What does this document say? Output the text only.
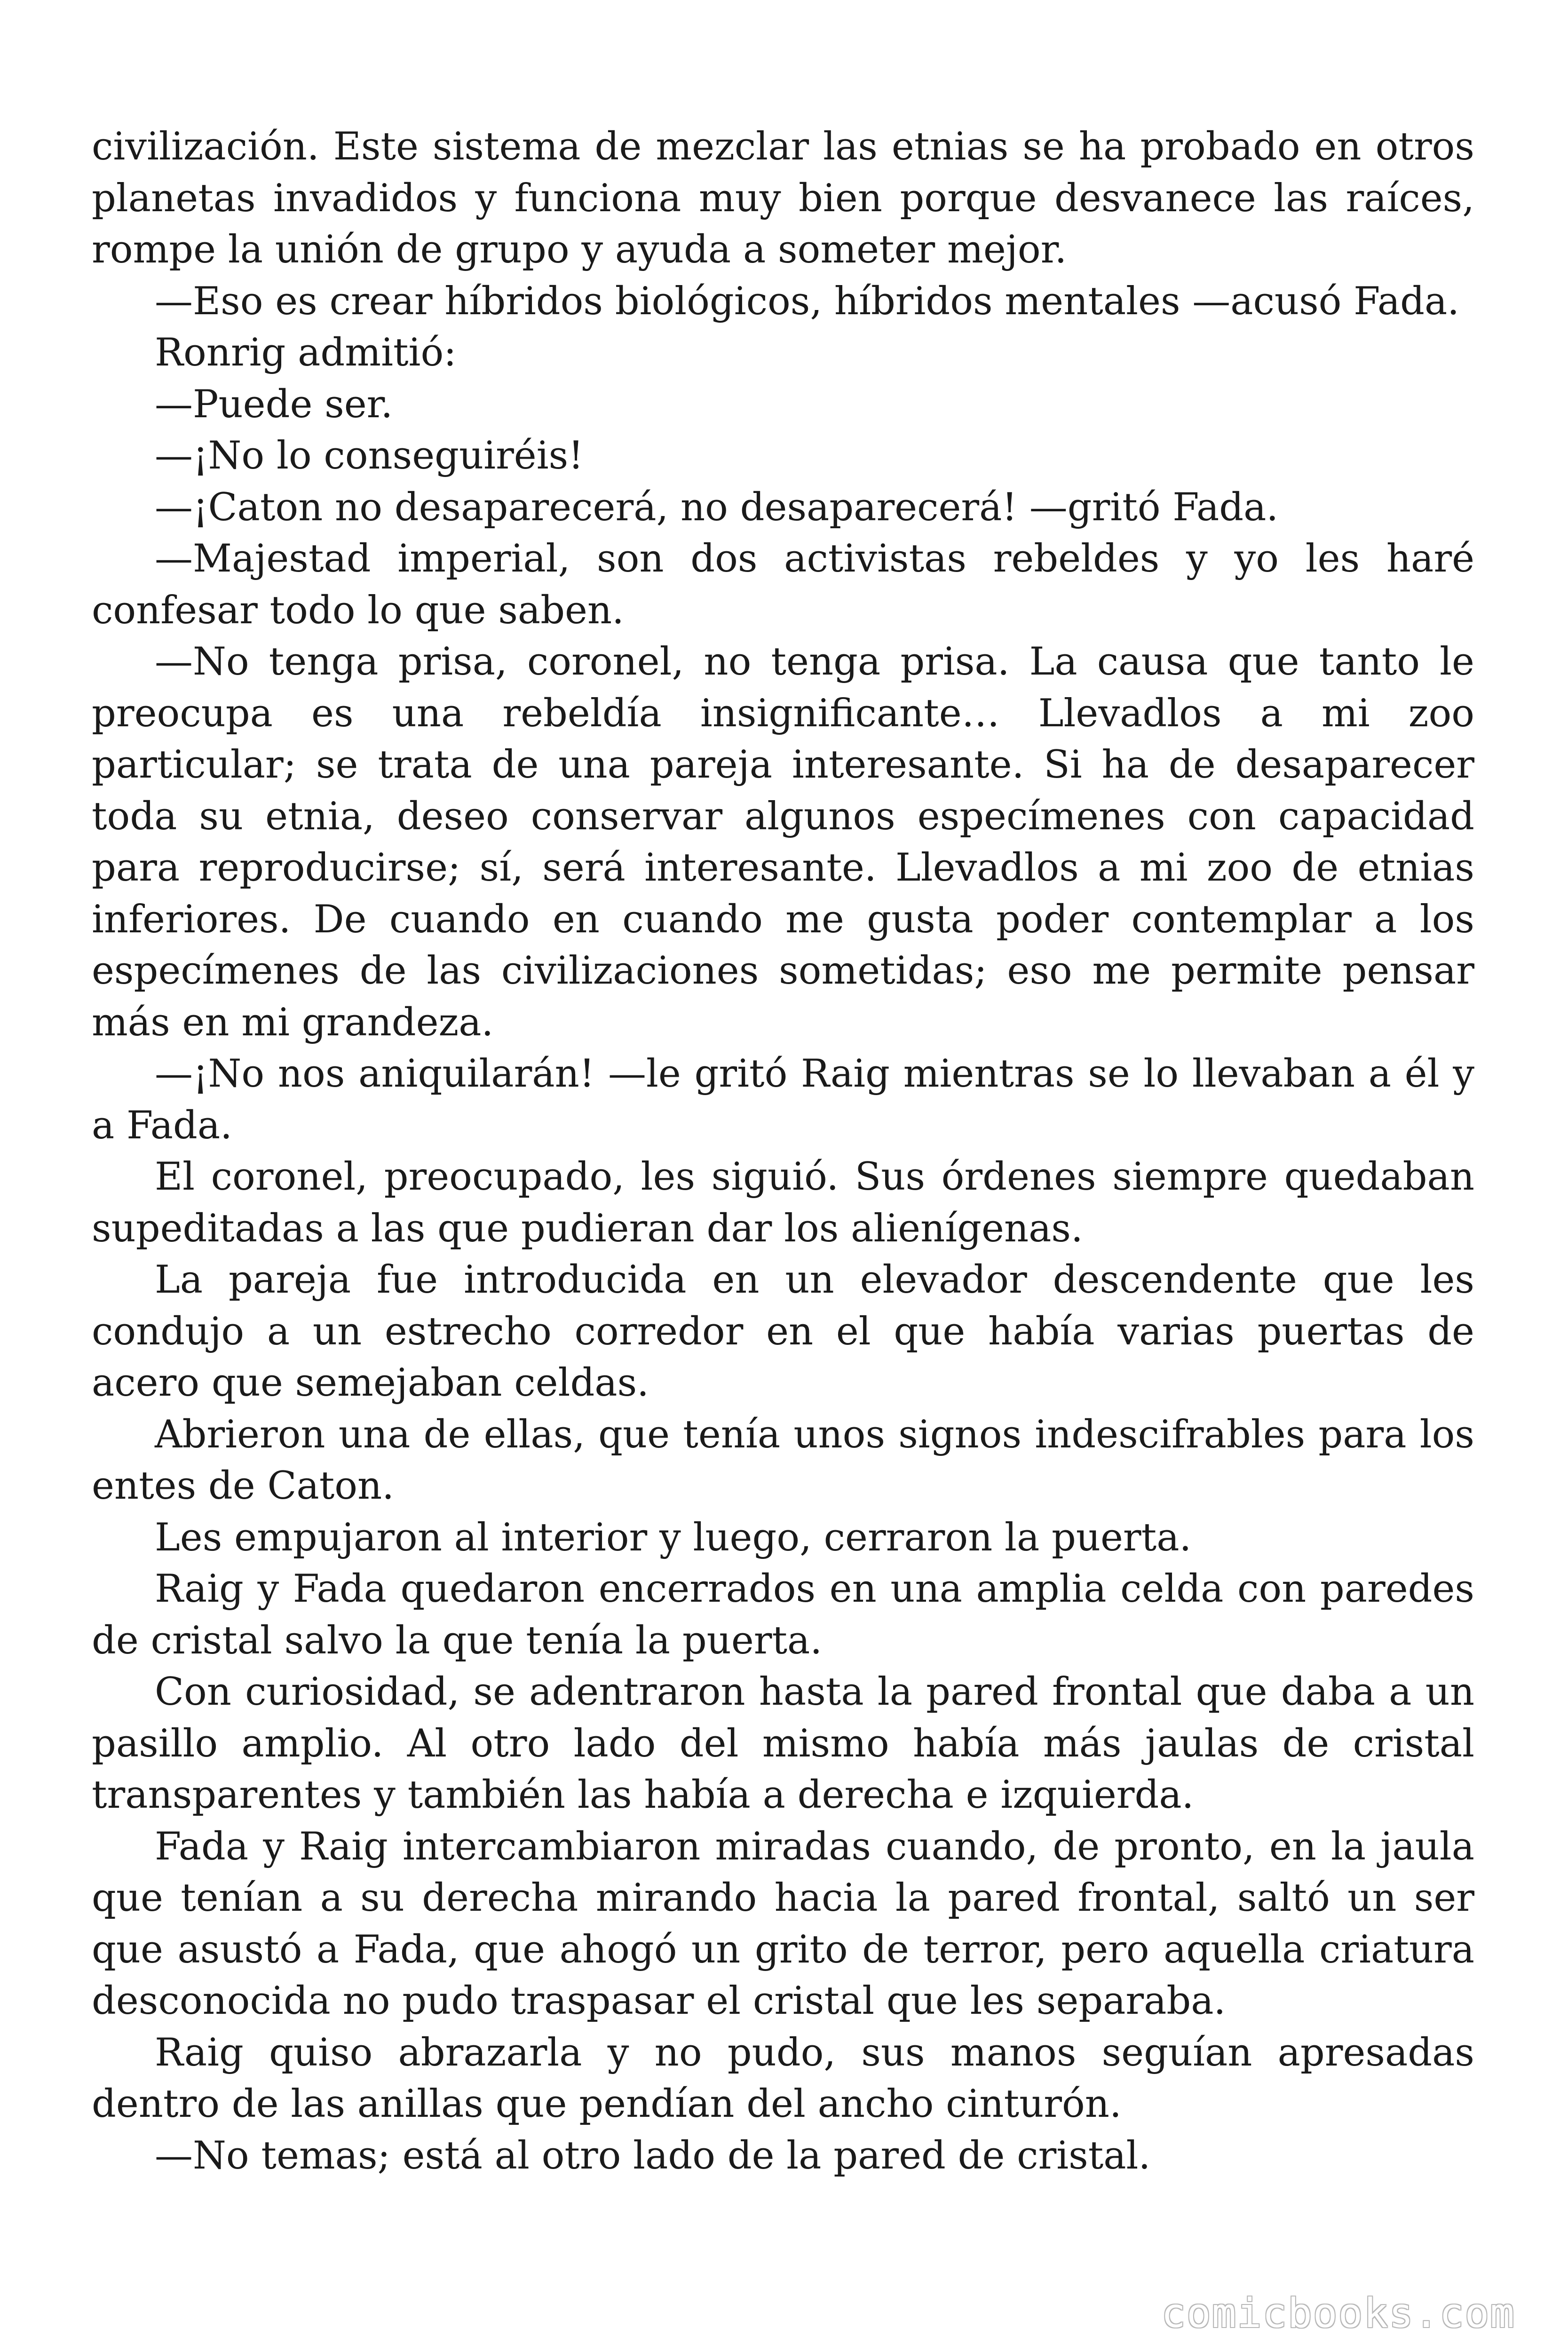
civilización. Este sistema de mezclar las etnias se ha probado en otros planetas invadidos y funciona muy bien porque desvanece las raíces, rompe la unión de grupo y ayuda a someter mejor.

—Eso es crear híbridos biológicos, híbridos mentales —acusó Fada.

Ronrig admitió:

—Puede ser.

—¡No lo conseguiréis!

—¡Caton no desaparecerá, no desaparecerá! —gritó Fada.

—Majestad imperial, son dos activistas rebeldes y yo les haré confesar todo lo que saben.

—No tenga prisa, coronel, no tenga prisa. La causa que tanto le preocupa es una rebeldía insignificante… Llevadlos a mi zoo particular; se trata de una pareja interesante. Si ha de desaparecer toda su etnia, deseo conservar algunos especímenes con capacidad para reproducirse; sí, será interesante. Llevadlos a mi zoo de etnias inferiores. De cuando en cuando me gusta poder contemplar a los especímenes de las civilizaciones sometidas; eso me permite pensar más en mi grandeza.

—¡No nos aniquilarán! —le gritó Raig mientras se lo llevaban a él y a Fada.

El coronel, preocupado, les siguió. Sus órdenes siempre quedaban supeditadas a las que pudieran dar los alienígenas.

La pareja fue introducida en un elevador descendente que les condujo a un estrecho corredor en el que había varias puertas de acero que semejaban celdas.

Abrieron una de ellas, que tenía unos signos indescifrables para los entes de Caton.

Les empujaron al interior y luego, cerraron la puerta.

Raig y Fada quedaron encerrados en una amplia celda con paredes de cristal salvo la que tenía la puerta.

Con curiosidad, se adentraron hasta la pared frontal que daba a un pasillo amplio. Al otro lado del mismo había más jaulas de cristal transparentes y también las había a derecha e izquierda.

Fada y Raig intercambiaron miradas cuando, de pronto, en la jaula que tenían a su derecha mirando hacia la pared frontal, saltó un ser que asustó a Fada, que ahogó un grito de terror, pero aquella criatura desconocida no pudo traspasar el cristal que les separaba.

Raig quiso abrazarla y no pudo, sus manos seguían apresadas dentro de las anillas que pendían del ancho cinturón.

—No temas; está al otro lado de la pared de cristal.

comicbooks.com
